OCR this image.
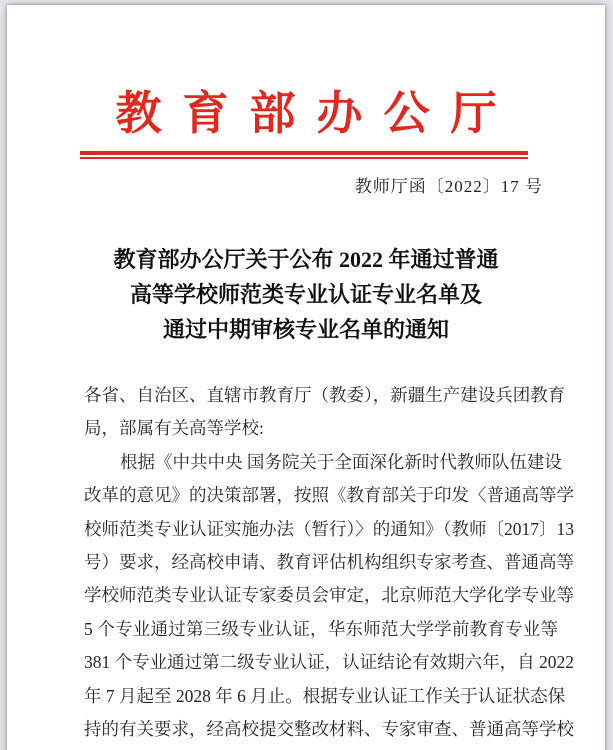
教育部办公厅
教师厅函〔2022〕17 号
教育部办公厅关于公布 2022 年通过普通
高等学校师范类专业认证专业名单及
通过中期审核专业名单的通知
各省、自治区、直辖市教育厅（教委），新疆生产建设兵团教育
局，部属有关高等学校:
根据《中共中央 国务院关于全面深化新时代教师队伍建设
改革的意见》的决策部署，按照《教育部关于印发〈普通高等学
校师范类专业认证实施办法（暂行）〉的通知》（教师〔2017〕13
号）要求，经高校申请、教育评估机构组织专家考查、普通高等
学校师范类专业认证专家委员会审定，北京师范大学化学专业等
5 个专业通过第三级专业认证，华东师范大学学前教育专业等
381 个专业通过第二级专业认证，认证结论有效期六年，自 2022
年 7 月起至 2028 年 6 月止。根据专业认证工作关于认证状态保
持的有关要求，经高校提交整改材料、专家审查、普通高等学校
